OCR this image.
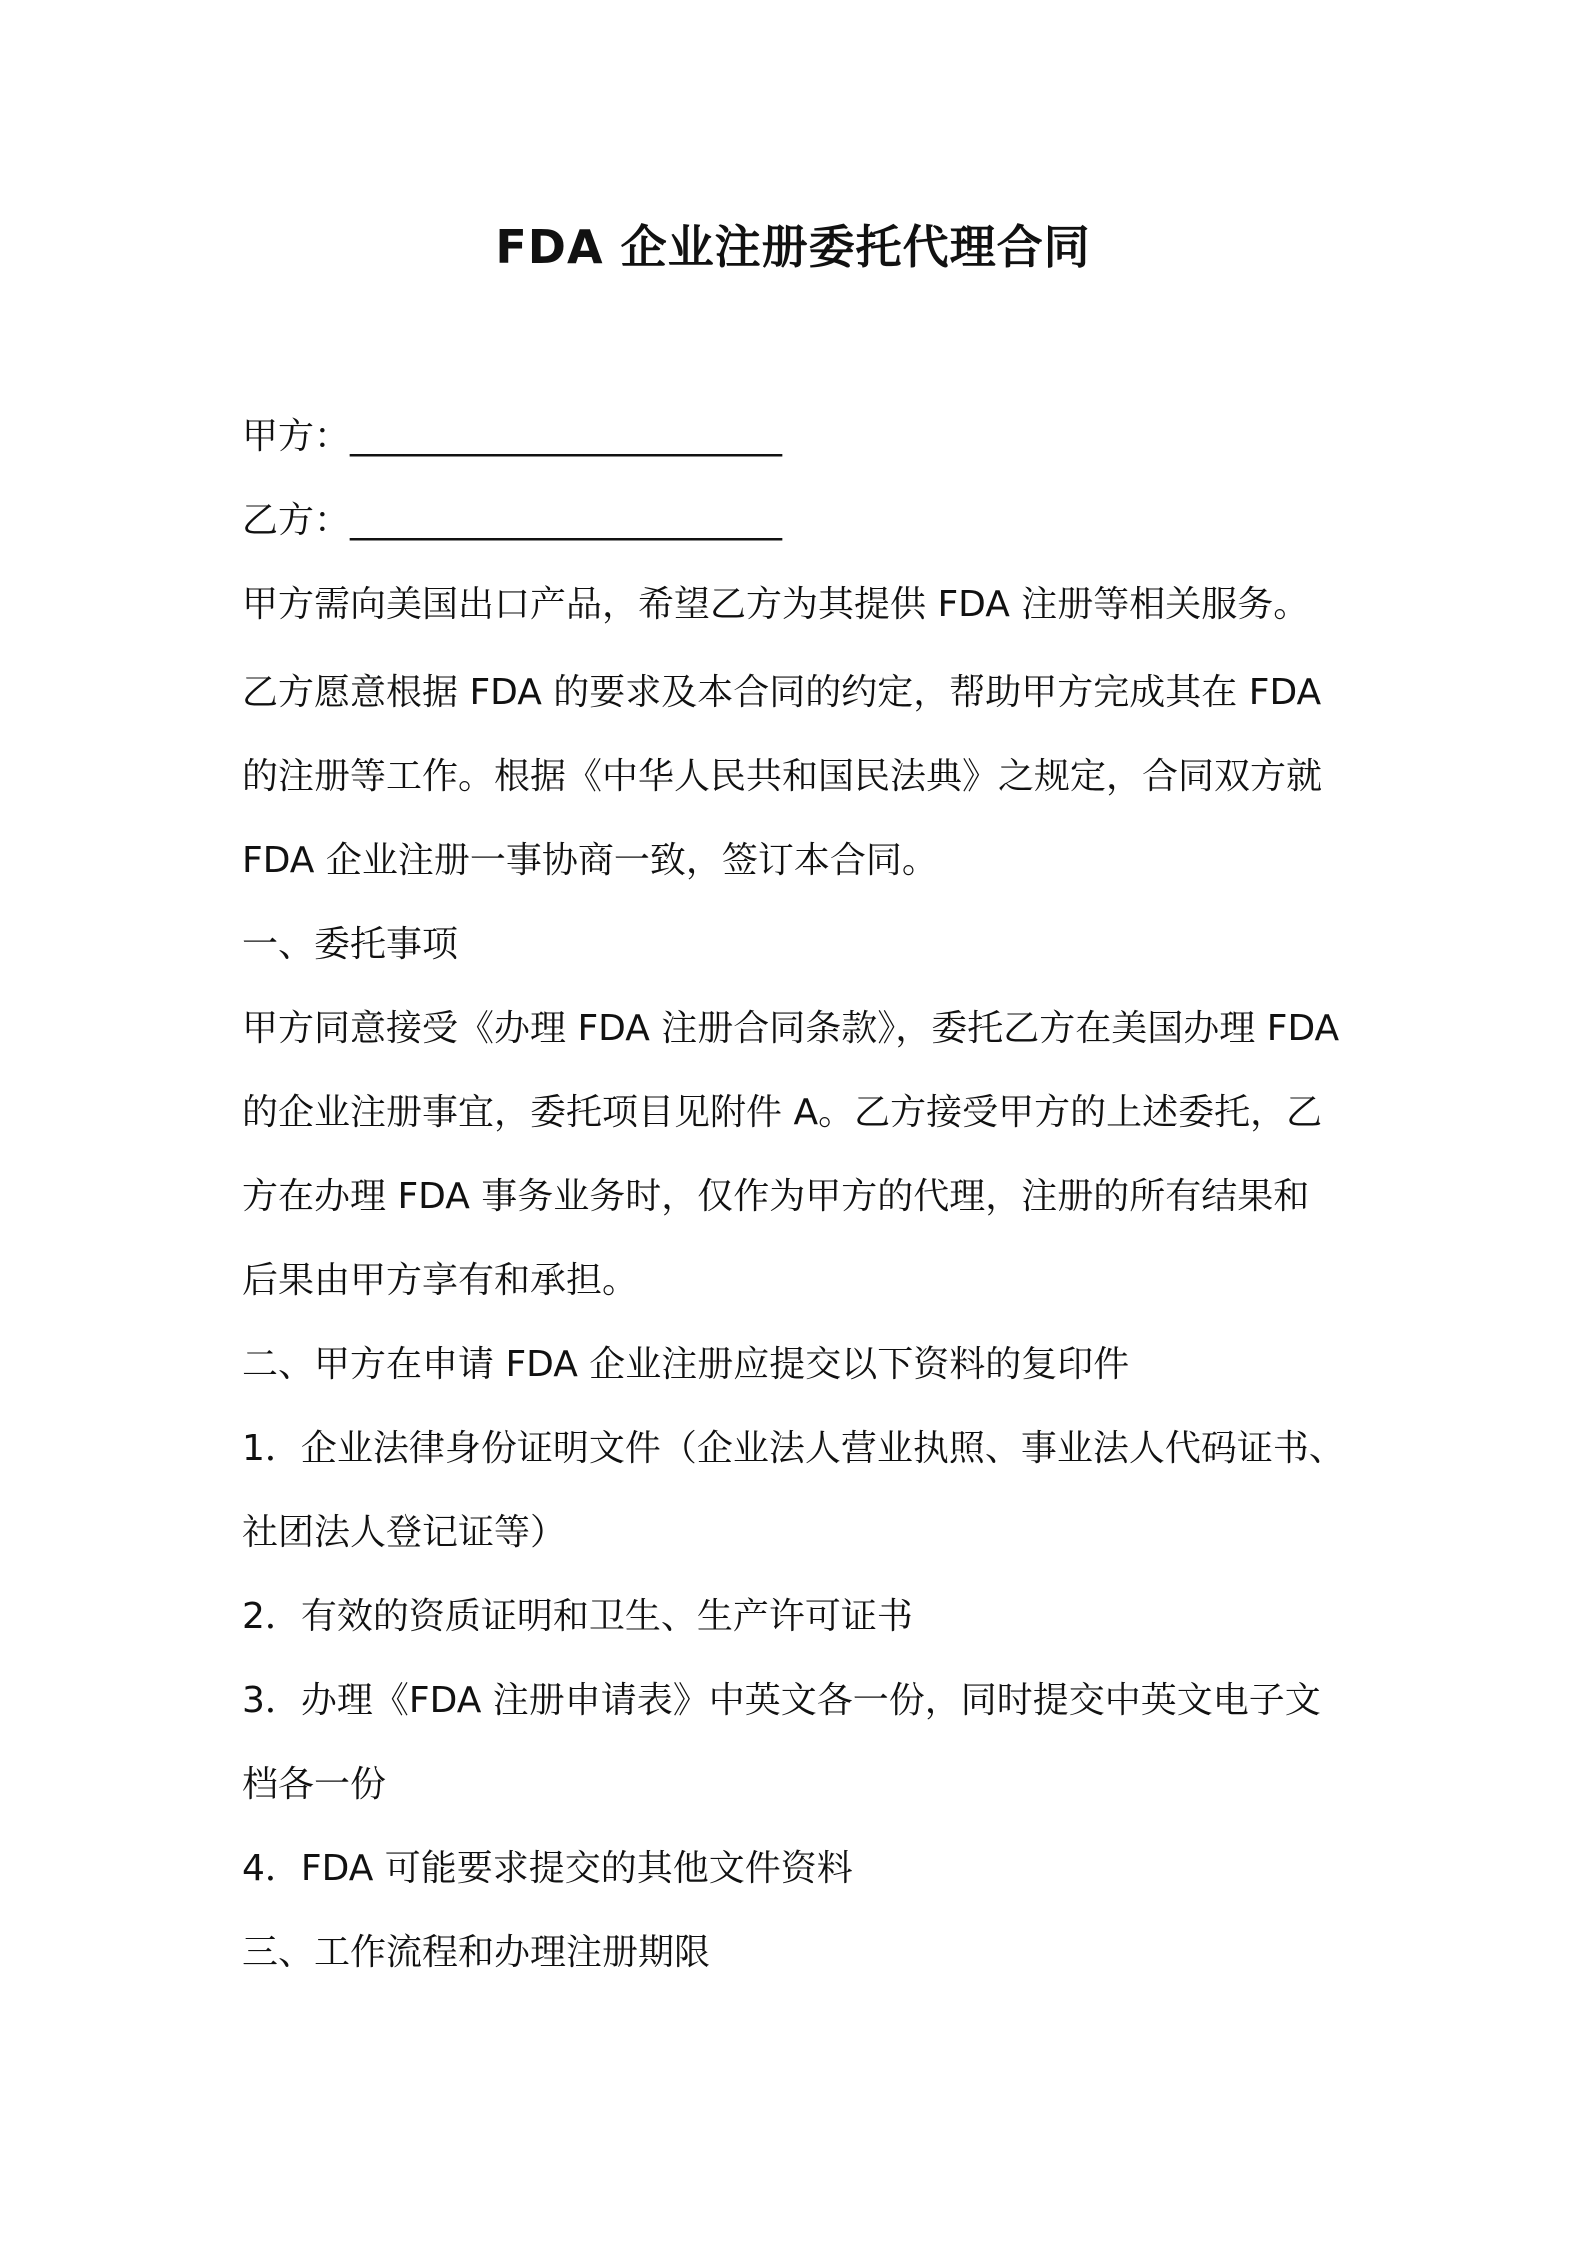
FDA 企业注册委托代理合同

甲方：________________________

乙方：________________________

甲方需向美国出口产品，希望乙方为其提供 FDA 注册等相关服务。

乙方愿意根据 FDA 的要求及本合同的约定，帮助甲方完成其在 FDA

的注册等工作。根据《中华人民共和国民法典》之规定，合同双方就

FDA 企业注册一事协商一致，签订本合同。

一、委托事项

甲方同意接受《办理 FDA 注册合同条款》，委托乙方在美国办理 FDA

的企业注册事宜，委托项目见附件 A。乙方接受甲方的上述委托，乙

方在办理 FDA 事务业务时，仅作为甲方的代理，注册的所有结果和

后果由甲方享有和承担。

二、甲方在申请 FDA 企业注册应提交以下资料的复印件

1．企业法律身份证明文件（企业法人营业执照、事业法人代码证书、

社团法人登记证等）

2．有效的资质证明和卫生、生产许可证书

3．办理《FDA 注册申请表》中英文各一份，同时提交中英文电子文

档各一份

4．FDA 可能要求提交的其他文件资料

三、工作流程和办理注册期限
